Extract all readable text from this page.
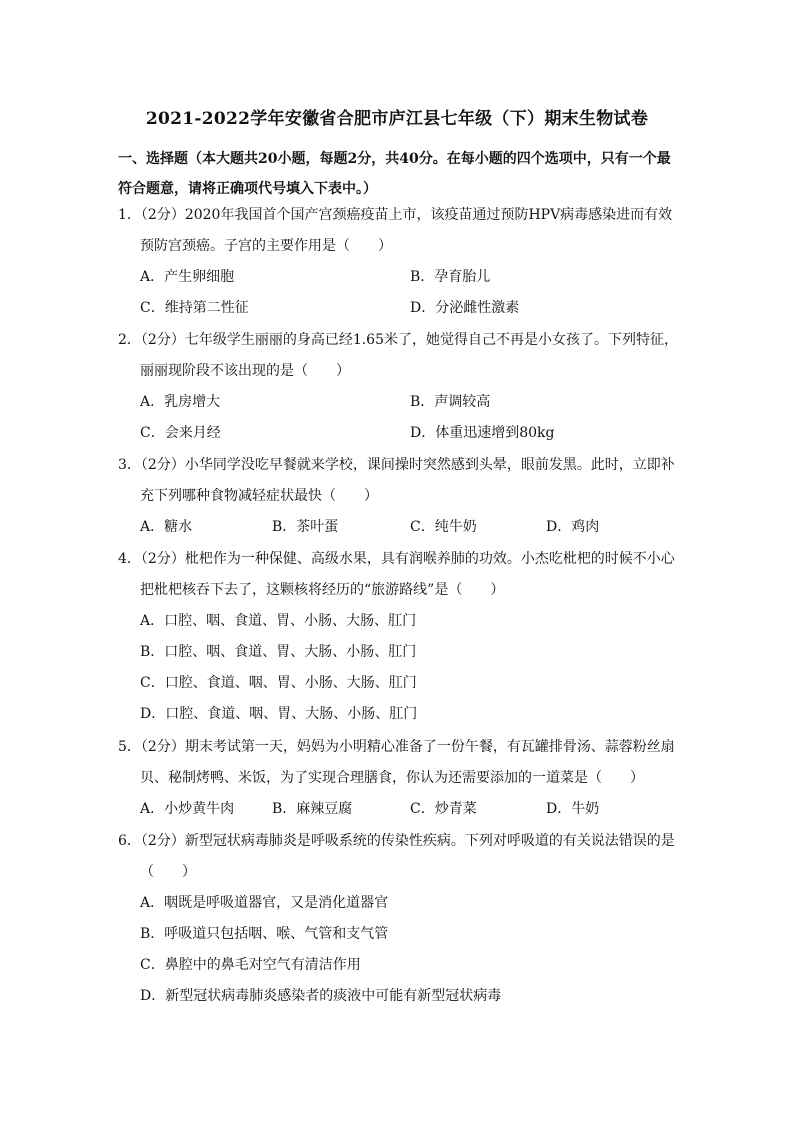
2021-2022学年安徽省合肥市庐江县七年级（下）期末生物试卷
一、选择题（本大题共20小题，每题2分，共40分。在每小题的四个选项中，只有一个最符合题意，请将正确项代号填入下表中。）
1．（2分）2020年我国首个国产宫颈癌疫苗上市，该疫苗通过预防HPV病毒感染进而有效预防宫颈癌。子宫的主要作用是（　　）
A．产生卵细胞	B．孕育胎儿
C．维持第二性征	D．分泌雌性激素
2．（2分）七年级学生丽丽的身高已经1.65米了，她觉得自己不再是小女孩了。下列特征，丽丽现阶段不该出现的是（　　）
A．乳房增大	B．声调较高
C．会来月经	D．体重迅速增到80kg
3．（2分）小华同学没吃早餐就来学校，课间操时突然感到头晕，眼前发黑。此时，立即补充下列哪种食物减轻症状最快（　　）
A．糖水	B．茶叶蛋	C．纯牛奶	D．鸡肉
4．（2分）枇杷作为一种保健、高级水果，具有润喉养肺的功效。小杰吃枇杷的时候不小心把枇杷核吞下去了，这颗核将经历的“旅游路线”是（　　）
A．口腔、咽、食道、胃、小肠、大肠、肛门
B．口腔、咽、食道、胃、大肠、小肠、肛门
C．口腔、食道、咽、胃、小肠、大肠、肛门
D．口腔、食道、咽、胃、大肠、小肠、肛门
5．（2分）期末考试第一天，妈妈为小明精心准备了一份午餐，有瓦罐排骨汤、蒜蓉粉丝扇贝、秘制烤鸭、米饭，为了实现合理膳食，你认为还需要添加的一道菜是（　　）
A．小炒黄牛肉	B．麻辣豆腐	C．炒青菜	D．牛奶
6．（2分）新型冠状病毒肺炎是呼吸系统的传染性疾病。下列对呼吸道的有关说法错误的是（　　）
A．咽既是呼吸道器官，又是消化道器官
B．呼吸道只包括咽、喉、气管和支气管
C．鼻腔中的鼻毛对空气有清洁作用
D．新型冠状病毒肺炎感染者的痰液中可能有新型冠状病毒
